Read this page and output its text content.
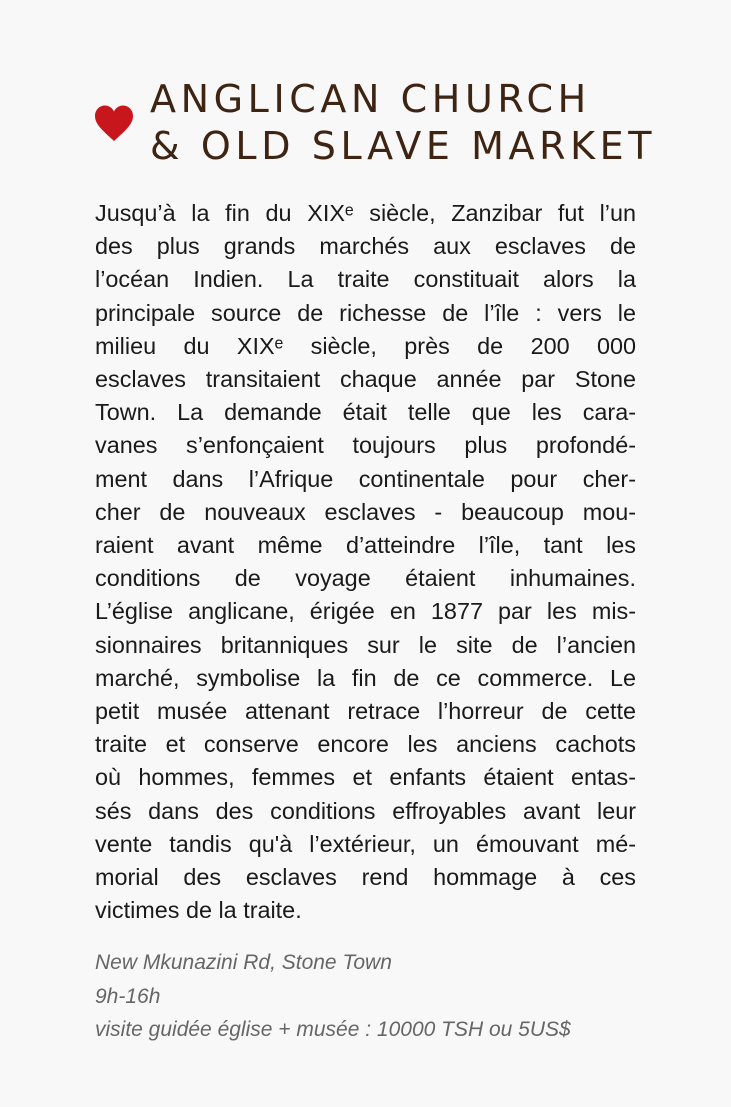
ANGLICAN CHURCH
& OLD SLAVE MARKET
Jusqu’à la fin du XIXᵉ siècle, Zanzibar fut l’un
des plus grands marchés aux esclaves de
l’océan Indien. La traite constituait alors la
principale source de richesse de l’île : vers le
milieu du XIXᵉ siècle, près de 200 000
esclaves transitaient chaque année par Stone
Town. La demande était telle que les cara-
vanes s’enfonçaient toujours plus profondé-
ment dans l’Afrique continentale pour cher-
cher de nouveaux esclaves - beaucoup mou-
raient avant même d’atteindre l’île, tant les
conditions de voyage étaient inhumaines.
L’église anglicane, érigée en 1877 par les mis-
sionnaires britanniques sur le site de l’ancien
marché, symbolise la fin de ce commerce. Le
petit musée attenant retrace l’horreur de cette
traite et conserve encore les anciens cachots
où hommes, femmes et enfants étaient entas-
sés dans des conditions effroyables avant leur
vente tandis qu'à l’extérieur, un émouvant mé-
morial des esclaves rend hommage à ces
victimes de la traite.
New Mkunazini Rd, Stone Town
9h-16h
visite guidée église + musée : 10000 TSH ou 5US$
